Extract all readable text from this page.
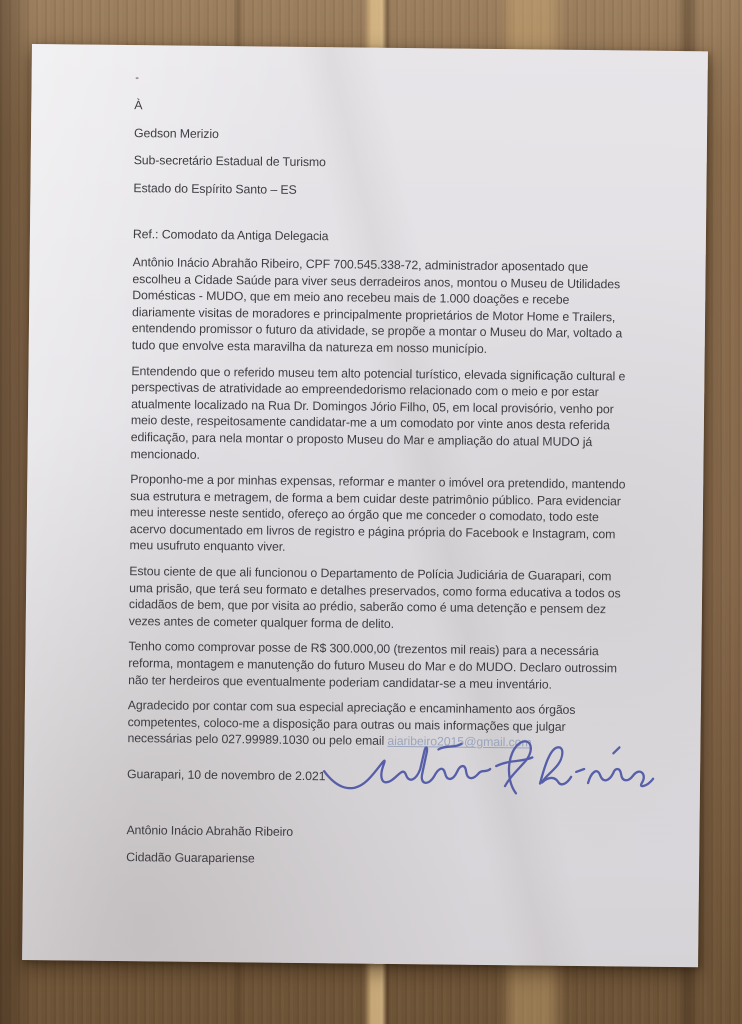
À

Gedson Merizio

Sub-secretário Estadual de Turismo

Estado do Espírito Santo – ES

Ref.: Comodato da Antiga Delegacia

Antônio Inácio Abrahão Ribeiro, CPF 700.545.338-72, administrador aposentado que escolheu a Cidade Saúde para viver seus derradeiros anos, montou o Museu de Utilidades Domésticas - MUDO, que em meio ano recebeu mais de 1.000 doações e recebe diariamente visitas de moradores e principalmente proprietários de Motor Home e Trailers, entendendo promissor o futuro da atividade, se propõe a montar o Museu do Mar, voltado a tudo que envolve esta maravilha da natureza em nosso município.

Entendendo que o referido museu tem alto potencial turístico, elevada significação cultural e perspectivas de atratividade ao empreendedorismo relacionado com o meio e por estar atualmente localizado na Rua Dr. Domingos Jório Filho, 05, em local provisório, venho por meio deste, respeitosamente candidatar-me a um comodato por vinte anos desta referida edificação, para nela montar o proposto Museu do Mar e ampliação do atual MUDO já mencionado.

Proponho-me a por minhas expensas, reformar e manter o imóvel ora pretendido, mantendo sua estrutura e metragem, de forma a bem cuidar deste patrimônio público. Para evidenciar meu interesse neste sentido, ofereço ao órgão que me conceder o comodato, todo este acervo documentado em livros de registro e página própria do Facebook e Instagram, com meu usufruto enquanto viver.

Estou ciente de que ali funcionou o Departamento de Polícia Judiciária de Guarapari, com uma prisão, que terá seu formato e detalhes preservados, como forma educativa a todos os cidadãos de bem, que por visita ao prédio, saberão como é uma detenção e pensem dez vezes antes de cometer qualquer forma de delito.

Tenho como comprovar posse de R$ 300.000,00 (trezentos mil reais) para a necessária reforma, montagem e manutenção do futuro Museu do Mar e do MUDO. Declaro outrossim não ter herdeiros que eventualmente poderiam candidatar-se a meu inventário.

Agradecido por contar com sua especial apreciação e encaminhamento aos órgãos competentes, coloco-me a disposição para outras ou mais informações que julgar necessárias pelo 027.99989.1030 ou pelo email aiaribeiro2015@gmail.com

Guarapari, 10 de novembro de 2.021

Antônio Inácio Abrahão Ribeiro

Cidadão Guarapariense
